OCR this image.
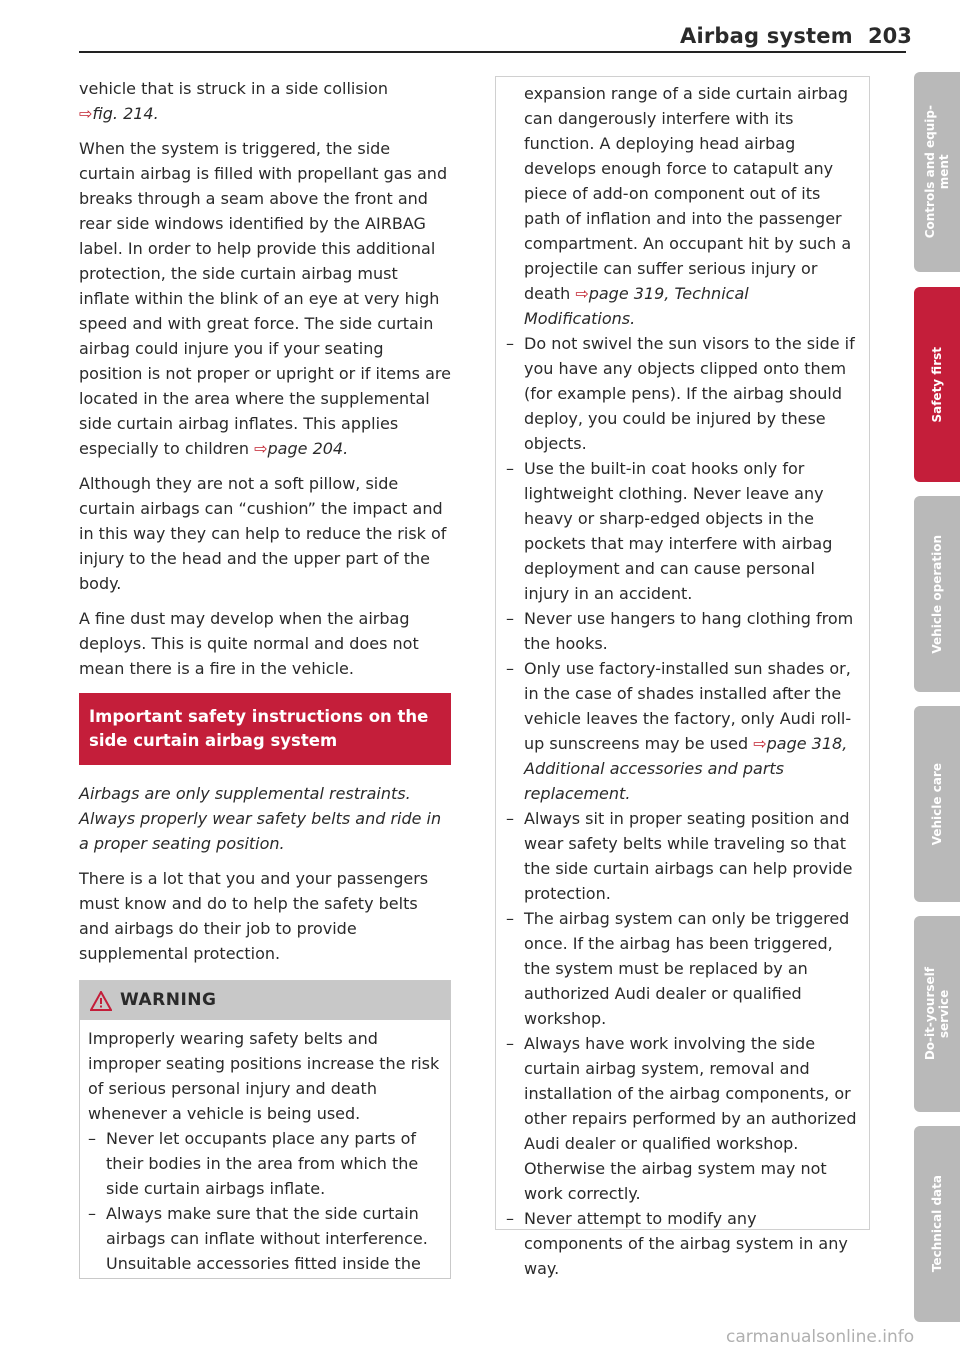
Airbag system 203

vehicle that is struck in a side collision
⇨fig. 214.

When the system is triggered, the side curtain airbag is filled with propellant gas and breaks through a seam above the front and rear side windows identified by the AIRBAG label. In order to help provide this additional protection, the side curtain airbag must inflate within the blink of an eye at very high speed and with great force. The side curtain airbag could injure you if your seating position is not proper or upright or if items are located in the area where the supplemental side curtain airbag inflates. This applies especially to children ⇨page 204.

Although they are not a soft pillow, side curtain airbags can “cushion” the impact and in this way they can help to reduce the risk of injury to the head and the upper part of the body.

A fine dust may develop when the airbag deploys. This is quite normal and does not mean there is a fire in the vehicle.

Important safety instructions on the side curtain airbag system

Airbags are only supplemental restraints. Always properly wear safety belts and ride in a proper seating position.

There is a lot that you and your passengers must know and do to help the safety belts and airbags do their job to provide supplemental protection.

WARNING

Improperly wearing safety belts and improper seating positions increase the risk of serious personal injury and death whenever a vehicle is being used.

– Never let occupants place any parts of their bodies in the area from which the side curtain airbags inflate.
– Always make sure that the side curtain airbags can inflate without interference. Unsuitable accessories fitted inside the

expansion range of a side curtain airbag can dangerously interfere with its function. A deploying head airbag develops enough force to catapult any piece of add-on component out of its path of inflation and into the passenger compartment. An occupant hit by such a projectile can suffer serious injury or death ⇨page 319, Technical Modifications.

– Do not swivel the sun visors to the side if you have any objects clipped onto them (for example pens). If the airbag should deploy, you could be injured by these objects.
– Use the built-in coat hooks only for lightweight clothing. Never leave any heavy or sharp-edged objects in the pockets that may interfere with airbag deployment and can cause personal injury in an accident.
– Never use hangers to hang clothing from the hooks.
– Only use factory-installed sun shades or, in the case of shades installed after the vehicle leaves the factory, only Audi roll-up sunscreens may be used ⇨page 318, Additional accessories and parts replacement.
– Always sit in proper seating position and wear safety belts while traveling so that the side curtain airbags can help provide protection.
– The airbag system can only be triggered once. If the airbag has been triggered, the system must be replaced by an authorized Audi dealer or qualified workshop.
– Always have work involving the side curtain airbag system, removal and installation of the airbag components, or other repairs performed by an authorized Audi dealer or qualified workshop. Otherwise the airbag system may not work correctly.
– Never attempt to modify any components of the airbag system in any way.
Controls and equip-
ment
Safety first
Vehicle operation
Vehicle care
Do-it-yourself
service
Technical data
carmanualsonline.info
